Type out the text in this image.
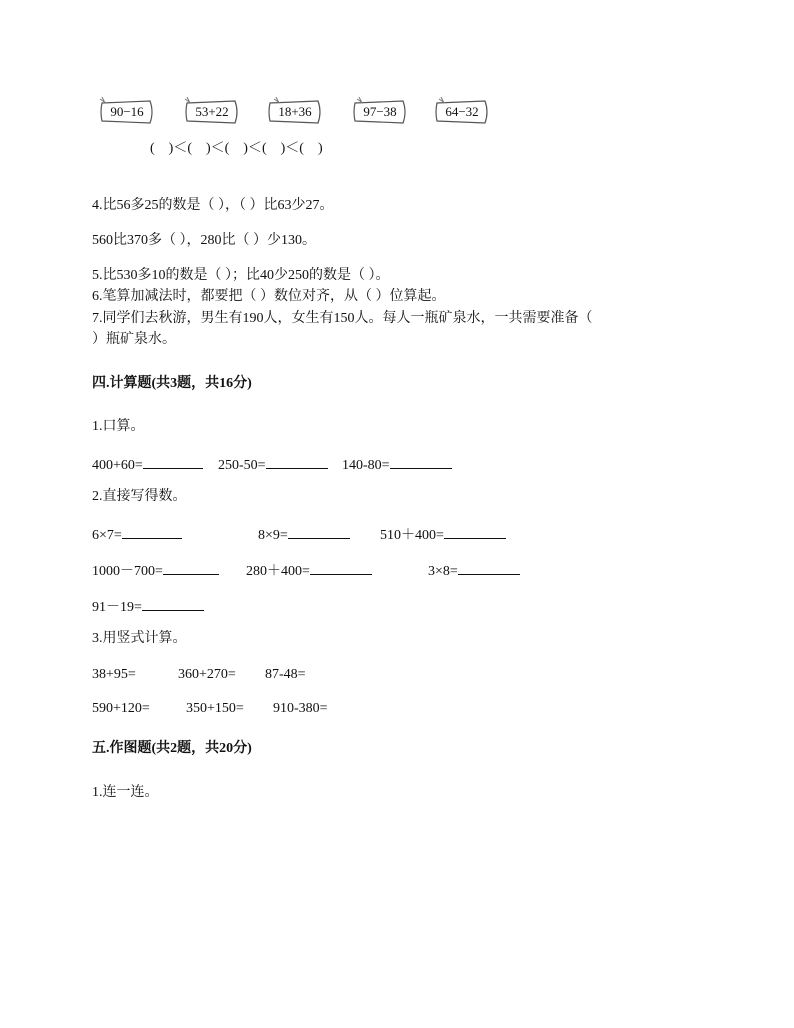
90−16	53+22	18+36	97−38	64−32
(　)＜(　)＜(　)＜(　)＜(　)
4.比56多25的数是（ ），（ ）比63少27。
560比370多（ ），280比（ ）少130。
5.比530多10的数是（ ）；比40少250的数是（ ）。
6.笔算加减法时，都要把（ ）数位对齐，从（ ）位算起。
7.同学们去秋游，男生有190人，女生有150人。每人一瓶矿泉水，一共需要准备（
）瓶矿泉水。
四.计算题(共3题，共16分)
1.口算。
400+60=	250-50=	140-80=
2.直接写得数。
6×7=	8×9=	510＋400=
1000－700=	280＋400=	3×8=
91－19=
3.用竖式计算。
38+95=	360+270= 87-48=
590+120=	350+150= 910-380=
五.作图题(共2题，共20分)
1.连一连。
